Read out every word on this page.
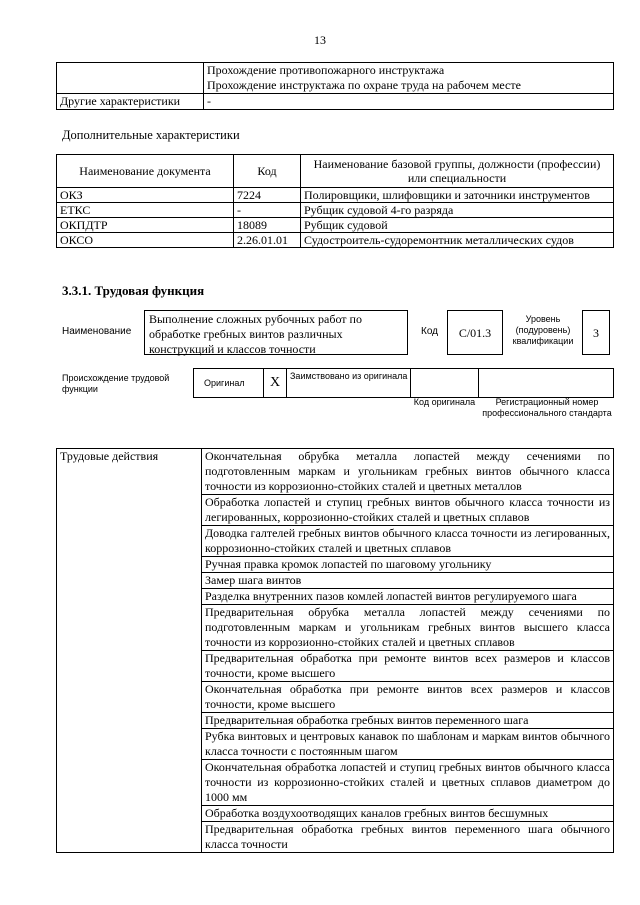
13

	Прохождение противопожарного инструктажа
Прохождение инструктажа по охране труда на рабочем месте

Другие характеристики	-
Дополнительные характеристики
Наименование документа	Код	Наименование базовой группы, должности (профессии) или специальности
ОКЗ	7224	Полировщики, шлифовщики и заточники инструментов
ЕТКС	-	Рубщик судовой 4-го разряда
ОКПДТР	18089	Рубщик судовой
ОКСО	2.26.01.01	Судостроитель-судоремонтник металлических судов
3.3.1. Трудовая функция
Наименование
Выполнение сложных рубочных работ по обработке гребных винтов различных конструкций и классов точности
Код	C/01.3
Уровень (подуровень) квалификации
3
Происхождение трудовой функции
Оригинал	X	Заимствовано из оригинала
Код оригинала	Регистрационный номер профессионального стандарта
Трудовые действия	Окончательная обрубка металла лопастей между сечениями по подготовленным маркам и угольникам гребных винтов обычного класса точности из коррозионно-стойких сталей и цветных металлов
Обработка лопастей и ступиц гребных винтов обычного класса точности из легированных, коррозионно-стойких сталей и цветных сплавов
Доводка галтелей гребных винтов обычного класса точности из легированных, коррозионно-стойких сталей и цветных сплавов
Ручная правка кромок лопастей по шаговому угольнику
Замер шага винтов
Разделка внутренних пазов комлей лопастей винтов регулируемого шага
Предварительная обрубка металла лопастей между сечениями по подготовленным маркам и угольникам гребных винтов высшего класса точности из коррозионно-стойких сталей и цветных сплавов
Предварительная обработка при ремонте винтов всех размеров и классов точности, кроме высшего
Окончательная обработка при ремонте винтов всех размеров и классов точности, кроме высшего
Предварительная обработка гребных винтов переменного шага
Рубка винтовых и центровых канавок по шаблонам и маркам винтов обычного класса точности с постоянным шагом
Окончательная обработка лопастей и ступиц гребных винтов обычного класса точности из коррозионно-стойких сталей и цветных сплавов диаметром до 1000 мм
Обработка воздухоотводящих каналов гребных винтов бесшумных
Предварительная обработка гребных винтов переменного шага обычного класса точности
